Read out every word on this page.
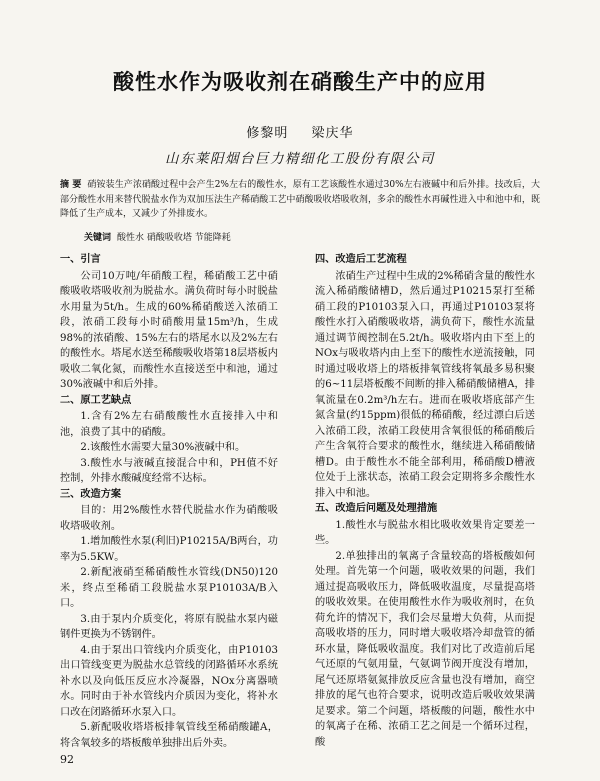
酸性水作为吸收剂在硝酸生产中的应用
修黎明 梁庆华
山东莱阳烟台巨力精细化工股份有限公司
摘 要 硝铵装生产浓硝酸过程中会产生2%左右的酸性水，原有工艺该酸性水通过30%左右液碱中和后外排。技改后，大部分酸性水用来替代脱盐水作为双加压法生产稀硝酸工艺中硝酸吸收塔吸收剂，多余的酸性水再碱性进入中和池中和，既降低了生产成本，又减少了外排废水。
关键词 酸性水 硝酸吸收塔 节能降耗
一、引言

公司10万吨/年硝酸工程，稀硝酸工艺中硝酸吸收塔吸收剂为脱盐水。满负荷时每小时脱盐水用量为5t/h。生成的60%稀硝酸送入浓硝工段，浓硝工段每小时硝酸用量15m³/h，生成98%的浓硝酸、15%左右的塔尾水以及2%左右的酸性水。塔尾水送至稀酸吸收塔第18层塔板内吸收二氧化氮，而酸性水直接送至中和池，通过30%液碱中和后外排。

二、原工艺缺点

1.含有2%左右硝酸酸性水直接排入中和池，浪费了其中的硝酸。

2.该酸性水需要大量30%液碱中和。

3.酸性水与液碱直接混合中和，PH值不好控制，外排水酸碱度经常不达标。

三、改造方案

目的：用2%酸性水替代脱盐水作为硝酸吸收塔吸收剂。

1.增加酸性水泵(利旧)P10215A/B两台，功率为5.5KW。

2.新配液硝至稀硝酸性水管线(DN50)120米，终点至稀硝工段脱盐水泵P10103A/B入口。

3.由于泵内介质变化，将原有脱盐水泵内磁钢件更换为不锈钢件。

4.由于泵出口管线内介质变化，由P10103出口管线变更为脱盐水总管线的闭路循环水系统补水以及向低压反应水冷凝器，NOx分离器喷水。同时由于补水管线内介质因为变化，将补水口改在闭路循环水泵入口。

5.新配吸收塔塔板排氧管线至稀硝酸罐A，将含氧较多的塔板酸单独排出后外卖。

四、改造后工艺流程

浓硝生产过程中生成的2%稀硝含量的酸性水流入稀硝酸储槽D，然后通过P10215泵打至稀硝工段的P10103泵入口，再通过P10103泵将酸性水打入硝酸吸收塔，满负荷下，酸性水流量通过调节阀控制在5.2t/h。吸收塔内由下至上的NOx与吸收塔内由上至下的酸性水逆流接触，同时通过吸收塔上的塔板排氧管线将氧最多易积聚的6~11层塔板酸不间断的排入稀硝酸储槽A，排氧流量在0.2m³/h左右。进而在吸收塔底部产生氮含量(约15ppm)很低的稀硝酸，经过漂白后送入浓硝工段，浓硝工段使用含氧很低的稀硝酸后产生含氧符合要求的酸性水，继续进入稀硝酸储槽D。由于酸性水不能全部利用，稀硝酸D槽液位处于上涨状态，浓硝工段会定期将多余酸性水排入中和池。

五、改造后问题及处理措施

1.酸性水与脱盐水相比吸收效果肯定要差一些。

2.单独排出的氧离子含量较高的塔板酸如何处理。首先第一个问题，吸收效果的问题，我们通过提高吸收压力，降低吸收温度，尽量提高塔的吸收效果。在使用酸性水作为吸收剂时，在负荷允许的情况下，我们会尽量增大负荷，从而提高吸收塔的压力，同时增大吸收塔冷却盘管的循环水量，降低吸收温度。我们对比了改造前后尾气还原的气氨用量，气氨调节阀开度没有增加，尾气还原塔氨氮排放反应含量也没有增加，商空排放的尾气也符合要求，说明改造后吸收效果满足要求。第二个问题，塔板酸的问题，酸性水中的氧离子在稀、浓硝工艺之间是一个循环过程，酸

92
